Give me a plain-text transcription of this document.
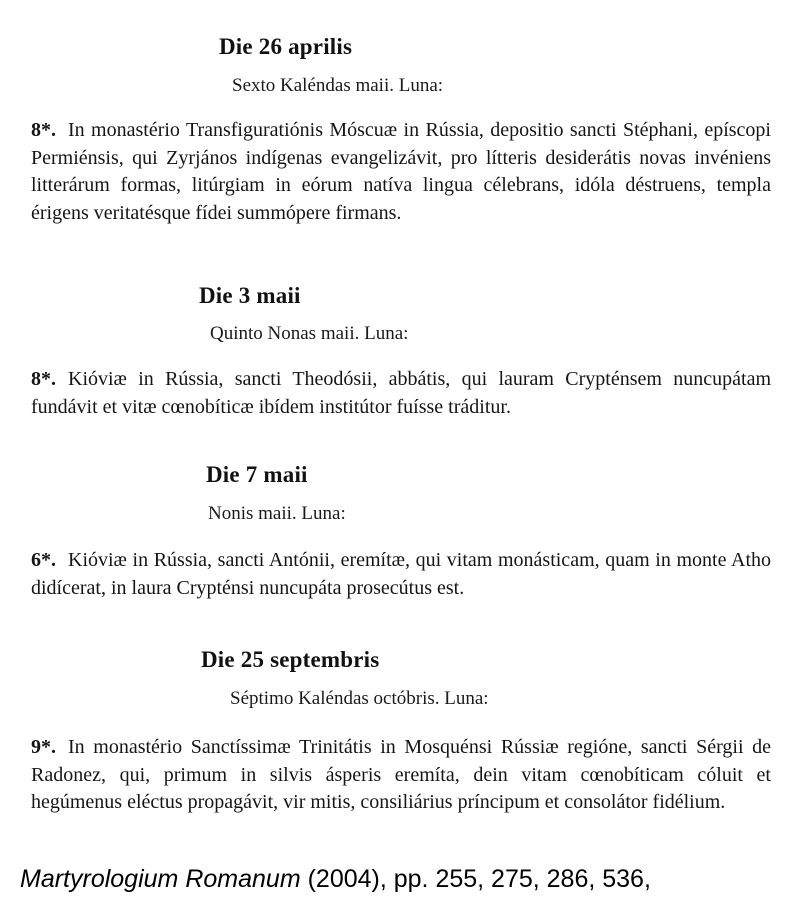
Die 26 aprilis
Sexto Kaléndas maii. Luna:

8*. In monastério Transfiguratiónis Móscuæ in Rússia, depositio sancti Stéphani, epíscopi Permiénsis, qui Zyrjános indígenas evangelizávit, pro lítteris desiderátis novas invéniens litterárum formas, litúrgiam in eórum natíva lingua célebrans, idóla déstruens, templa érigens veritatésque fídei summópere firmans.

Die 3 maii
Quinto Nonas maii. Luna:

8*. Kióviæ in Rússia, sancti Theodósii, abbátis, qui lauram Crypténsem nuncupátam fundávit et vitæ cœnobíticæ ibídem institútor fuísse tráditur.

Die 7 maii
Nonis maii. Luna:

6*. Kióviæ in Rússia, sancti Antónii, eremítæ, qui vitam monásticam, quam in monte Atho didícerat, in laura Crypténsi nuncupáta prosecútus est.

Die 25 septembris
Séptimo Kaléndas octóbris. Luna:

9*. In monastério Sanctíssimæ Trinitátis in Mosquénsi Rússiæ regióne, sancti Sérgii de Radonez, qui, primum in silvis ásperis eremíta, dein vitam cœnobíticam cóluit et hegúmenus eléctus propagávit, vir mitis, consiliárius príncipum et consolátor fidélium.

Martyrologium Romanum (2004), pp. 255, 275, 286, 536,
